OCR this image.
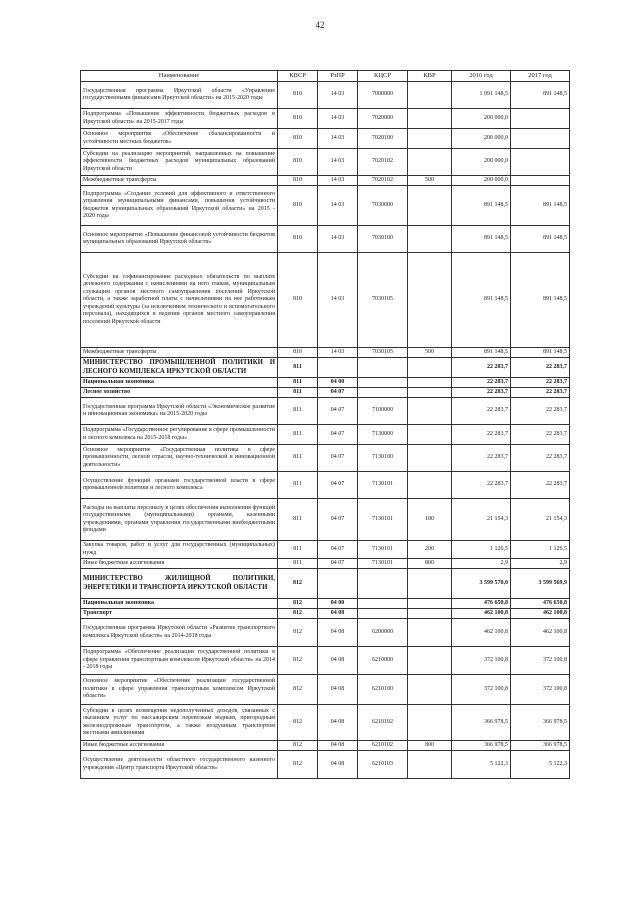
42
Наименование	КВСР	РзПР	КЦСР	КВР	2016 год	2017 год
Государственная программа Иркутской области «Управление государственными финансами Иркутской области» на 2015-2020 годы	810	14 03	7000000		1 091 148,5	891 148,5
Подпрограмма «Повышение эффективности бюджетных расходов в Иркутской области» на 2015-2017 годы	810	14 03	7020000		200 000,0	
Основное мероприятие «Обеспечение сбалансированности и устойчивости местных бюджетов»	810	14 03	7020100		200 000,0	
Субсидии на реализацию мероприятий, направленных на повышение эффективности бюджетных расходов муниципальных образований Иркутской области	810	14 03	7020102		200 000,0	
Межбюджетные трансферты	810	14 03	7020102	500	200 000,0	
Подпрограмма «Создание условий для эффективного и ответственного управления муниципальными финансами, повышения устойчивости бюджетов муниципальных образований Иркутской области» на 2015 - 2020 годы	810	14 03	7030000		891 148,5	891 148,5
Основное мероприятие «Повышение финансовой устойчивости бюджетов муниципальных образований Иркутской области»	810	14 03	7030100		891 148,5	891 148,5
Субсидии на софинансирование расходных обязательств по выплате денежного содержания с начислениями на него главам, муниципальным служащим органов местного самоуправления поселений Иркутской области, а также заработной платы с начислениями на нее работникам учреждений культуры (за исключением технического и вспомогательного персонала), находящихся в ведении органов местного самоуправления поселений Иркутской области	810	14 03	7030105		891 148,5	891 148,5
Межбюджетные трансферты	810	14 03	7030105	500	891 148,5	891 148,5
МИНИСТЕРСТВО ПРОМЫШЛЕННОЙ ПОЛИТИКИ И ЛЕСНОГО КОМПЛЕКСА ИРКУТСКОЙ ОБЛАСТИ	811				22 283,7	22 283,7
Национальная экономика	811	04 00			22 283,7	22 283,7
Лесное хозяйство	811	04 07			22 283,7	22 283,7
Государственная программа Иркутской области «Экономическое развитие и инновационная экономика» на 2015-2020 годы	811	04 07	7100000		22 283,7	22 283,7
Подпрограмма «Государственное регулирование в сфере промышленности и лесного комплекса на 2015-2018 годы»	811	04 07	7130000		22 283,7	22 283,7
Основное мероприятие «Государственная политика в сфере промышленности, лесной отрасли, научно-технической и инновационной деятельности»	811	04 07	7130100		22 283,7	22 283,7
Осуществление функций органами государственной власти в сфере промышленной политики и лесного комплекса	811	04 07	7130101		22 283,7	22 283,7
Расходы на выплаты персоналу в целях обеспечения выполнения функций государственными (муниципальными) органами, казенными учреждениями, органами управления государственными внебюджетными фондами	811	04 07	7130101	100	21 154,3	21 154,3
Закупка товаров, работ и услуг для государственных (муниципальных) нужд	811	04 07	7130101	200	1 126,5	1 126,5
Иные бюджетные ассигнования	811	04 07	7130101	800	2,9	2,9
МИНИСТЕРСТВО ЖИЛИЩНОЙ ПОЛИТИКИ, ЭНЕРГЕТИКИ И ТРАНСПОРТА ИРКУТСКОЙ ОБЛАСТИ	812				3 599 570,0	3 599 569,9
Национальная экономика	812	04 00			476 650,8	476 650,8
Транспорт	812	04 08			462 100,8	462 100,8
Государственная программа Иркутской области «Развитие транспортного комплекса Иркутской области» на 2014-2018 годы	812	04 08	6200000		462 100,8	462 100,8
Подпрограмма «Обеспечение реализации государственной политики в сфере управления транспортным комплексом Иркутской области» на 2014 - 2018 годы	812	04 08	6210000		372 100,8	372 100,8
Основное мероприятие «Обеспечение реализации государственной политики в сфере управления транспортным комплексом Иркутской области»	812	04 08	6210100		372 100,8	372 100,8
Субсидии в целях возмещения недополученных доходов, связанных с оказанием услуг по пассажирским перевозкам водным, пригородным железнодорожным транспортом, а также воздушным транспортом местными авиалиниями	812	04 08	6210102		366 978,5	366 978,5
Иные бюджетные ассигнования	812	04 08	6210102	800	366 978,5	366 978,5
Осуществление деятельности областного государственного казенного учреждения «Центр транспорта Иркутской области»	812	04 08	6210103		5 122,3	5 122,3
